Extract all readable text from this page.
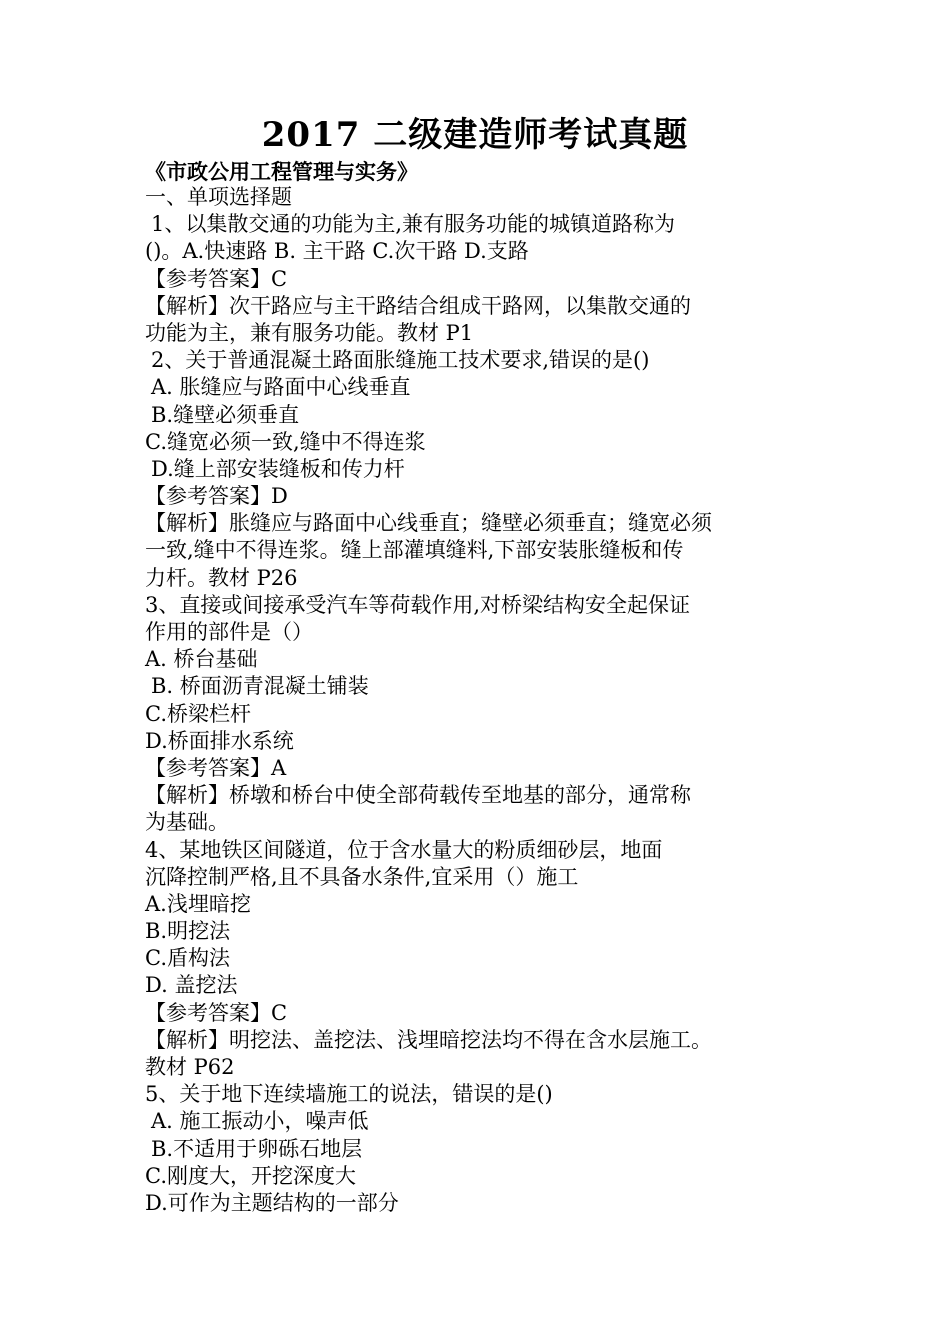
2017 二级建造师考试真题
《市政公用工程管理与实务》
一、单项选择题
1、以集散交通的功能为主,兼有服务功能的城镇道路称为
()。A.快速路 B. 主干路 C.次干路 D.支路
【参考答案】C
【解析】次干路应与主干路结合组成干路网，以集散交通的
功能为主，兼有服务功能。教材 P1
2、关于普通混凝土路面胀缝施工技术要求,错误的是()
A. 胀缝应与路面中心线垂直
B.缝壁必须垂直
C.缝宽必须一致,缝中不得连浆
D.缝上部安装缝板和传力杆
【参考答案】D
【解析】胀缝应与路面中心线垂直；缝壁必须垂直；缝宽必须
一致,缝中不得连浆。缝上部灌填缝料,下部安装胀缝板和传
力杆。教材 P26
3、直接或间接承受汽车等荷载作用,对桥梁结构安全起保证
作用的部件是（）
A. 桥台基础
B. 桥面沥青混凝土铺装
C.桥梁栏杆
D.桥面排水系统
【参考答案】A
【解析】桥墩和桥台中使全部荷载传至地基的部分，通常称
为基础。
4、某地铁区间隧道，位于含水量大的粉质细砂层，地面
沉降控制严格,且不具备水条件,宜采用（）施工
A.浅埋暗挖
B.明挖法
C.盾构法
D. 盖挖法
【参考答案】C
【解析】明挖法、盖挖法、浅埋暗挖法均不得在含水层施工。
教材 P62
5、关于地下连续墙施工的说法，错误的是()
A. 施工振动小，噪声低
B.不适用于卵砾石地层
C.刚度大，开挖深度大
D.可作为主题结构的一部分
